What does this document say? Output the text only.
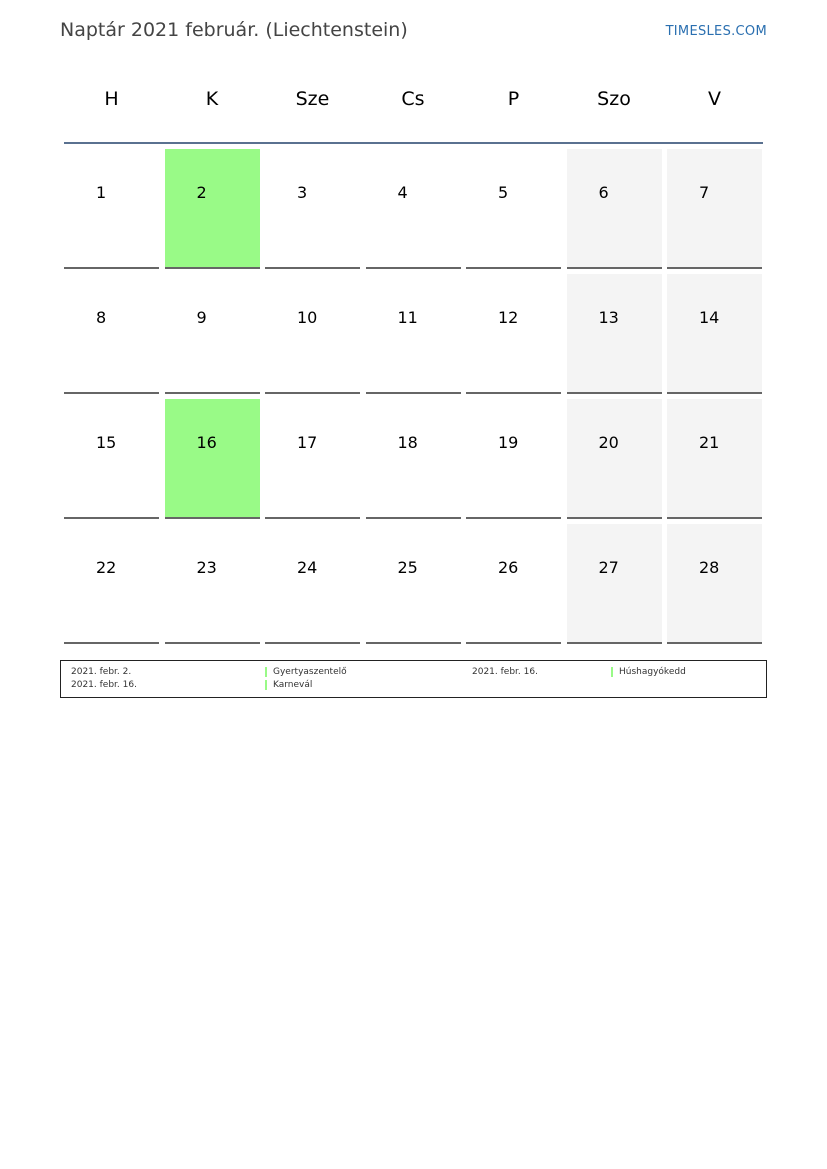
Naptár 2021 február. (Liechtenstein)	TIMESLES.COM
H	K	Sze	Cs	P	Szo	V
1	2	3	4	5	6	7
8	9	10	11	12	13	14
15	16	17	18	19	20	21
22	23	24	25	26	27	28
2021. febr. 2.	Gyertyaszentelő
2021. febr. 16.	Karnevál
2021. febr. 16.	Húshagyókedd
